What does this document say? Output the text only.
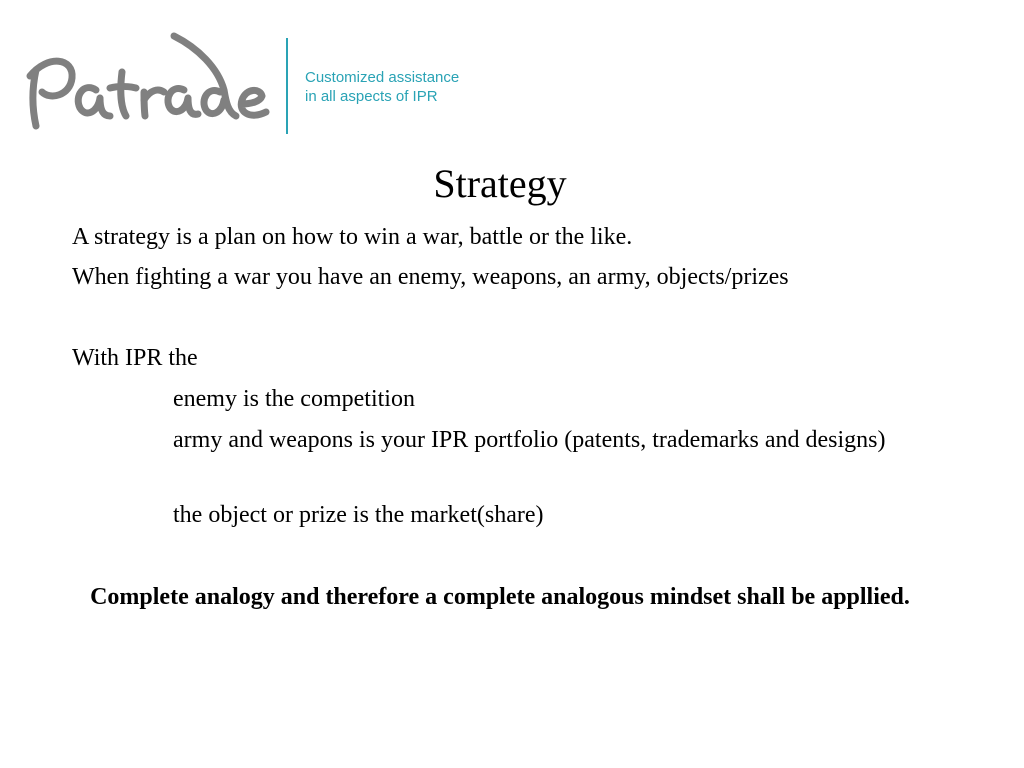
Customized assistance
in all aspects of IPR
Strategy
A strategy is a plan on how to win a war, battle or the like.
When fighting a war you have an enemy, weapons, an army, objects/prizes
With IPR the
enemy is the competition
army and weapons is your IPR portfolio (patents, trademarks and designs)
the object or prize is the market(share)
Complete analogy and therefore a complete analogous mindset shall be appllied.
